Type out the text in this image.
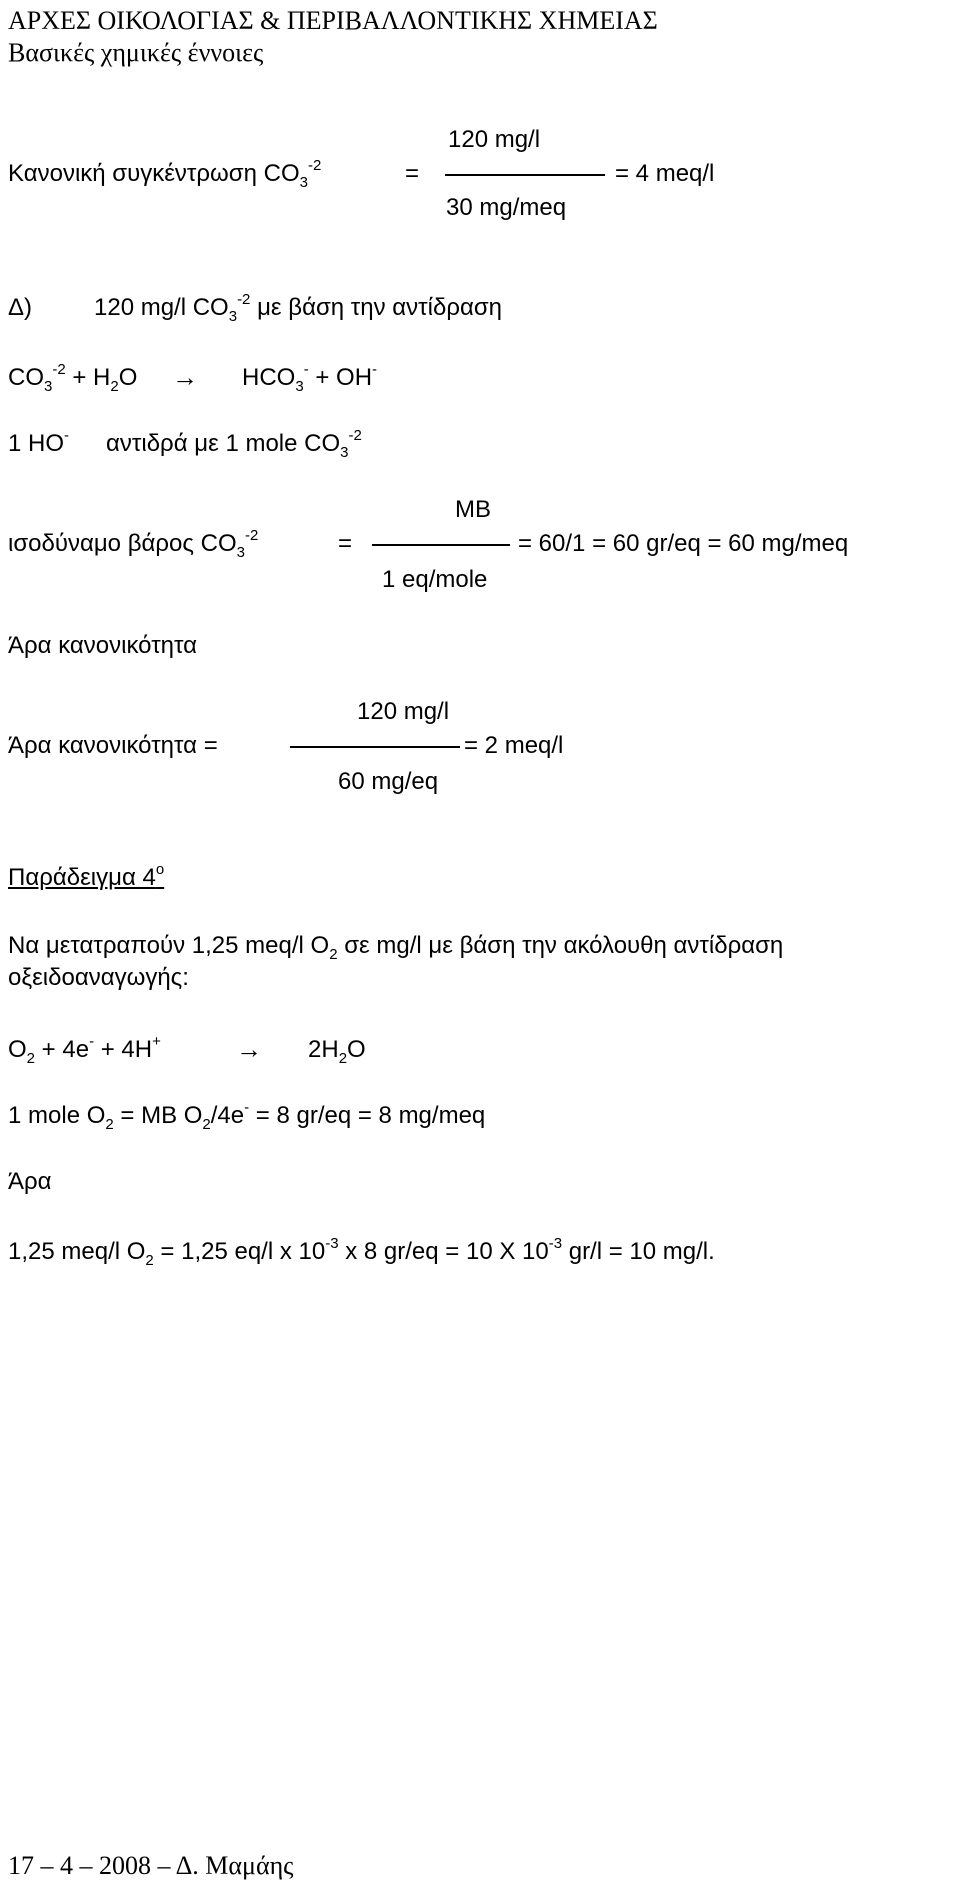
ΑΡΧΕΣ ΟΙΚΟΛΟΓΙΑΣ & ΠΕΡΙΒΑΛΛΟΝΤΙΚΗΣ ΧΗΜΕΙΑΣ
Βασικές χημικές έννοιες
120 mg/l
Κανονική συγκέντρωση $CO_3^{-2}$	=	= 4 meq/l
30 mg/meq
Δ)	120 mg/l $CO_3^{-2}$ με βάση την αντίδραση
$CO_3^{-2} + H_2O \to HCO_3^- + OH^-$
1 HO- αντιδρά με 1 mole $CO_3^{-2}$
MB
ισοδύναμο βάρος $CO_3^{-2}$	=	= 60/1 = 60 gr/eq = 60 mg/meq
1 eq/mole
Άρα κανονικότητα
120 mg/l
Άρα κανονικότητα =	= 2 meq/l
60 mg/eq
Παράδειγμα $4^o$
Να μετατραπούν 1,25 meq/l $O_2$ σε mg/l με βάση την ακόλουθη αντίδραση
οξειδοαναγωγής:
$O_2 + 4e^- + 4H^+$	→ $2H_2O$
1 mole $O_2$ = MB $O_2/4e^- = 8$ gr/eq = 8 mg/meq
Άρα
1,25 meq/l $O_2 = 1,25$ eq/l x $10^{-3}$ x 8 gr/eq = 10 X $10^{-3}$ gr/l = 10 mg/l.
17 – 4 – 2008 – Δ. Μαμάης
